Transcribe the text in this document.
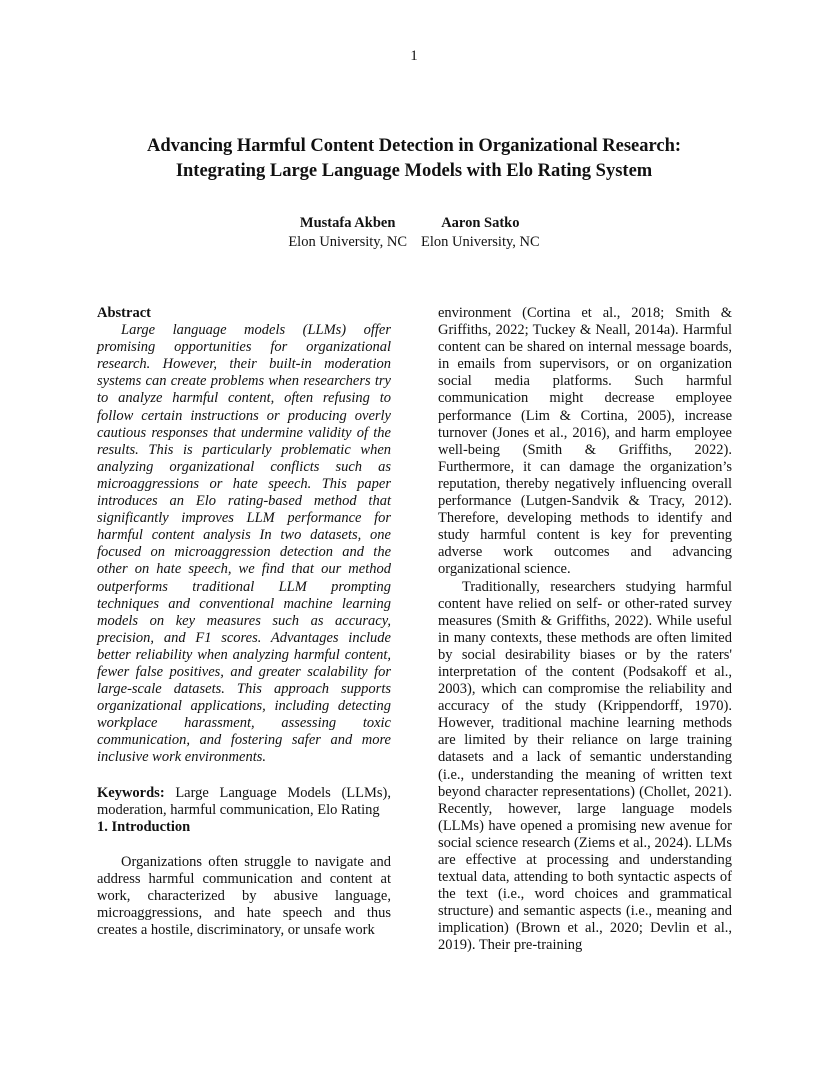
1
Advancing Harmful Content Detection in Organizational Research:
Integrating Large Language Models with Elo Rating System
Mustafa Akben
Elon University, NC
Aaron Satko
Elon University, NC

Abstract

Large language models (LLMs) offer promising opportunities for organizational research. However, their built-in moderation systems can create problems when researchers try to analyze harmful content, often refusing to follow certain instructions or producing overly cautious responses that undermine validity of the results. This is particularly problematic when analyzing organizational conflicts such as microaggressions or hate speech. This paper introduces an Elo rating-based method that significantly improves LLM performance for harmful content analysis In two datasets, one focused on microaggression detection and the other on hate speech, we find that our method outperforms traditional LLM prompting techniques and conventional machine learning models on key measures such as accuracy, precision, and F1 scores. Advantages include better reliability when analyzing harmful content, fewer false positives, and greater scalability for large-scale datasets. This approach supports organizational applications, including detecting workplace harassment, assessing toxic communication, and fostering safer and more inclusive work environments.

Keywords: Large Language Models (LLMs), moderation, harmful communication, Elo Rating

1. Introduction

Organizations often struggle to navigate and address harmful communication and content at work, characterized by abusive language, microaggressions, and hate speech and thus creates a hostile, discriminatory, or unsafe work

environment (Cortina et al., 2018; Smith & Griffiths, 2022; Tuckey & Neall, 2014a). Harmful content can be shared on internal message boards, in emails from supervisors, or on organization social media platforms. Such harmful communication might decrease employee performance (Lim & Cortina, 2005), increase turnover (Jones et al., 2016), and harm employee well-being (Smith & Griffiths, 2022). Furthermore, it can damage the organization’s reputation, thereby negatively influencing overall performance (Lutgen-Sandvik & Tracy, 2012). Therefore, developing methods to identify and study harmful content is key for preventing adverse work outcomes and advancing organizational science.

Traditionally, researchers studying harmful content have relied on self- or other-rated survey measures (Smith & Griffiths, 2022). While useful in many contexts, these methods are often limited by social desirability biases or by the raters' interpretation of the content (Podsakoff et al., 2003), which can compromise the reliability and accuracy of the study (Krippendorff, 1970). However, traditional machine learning methods are limited by their reliance on large training datasets and a lack of semantic understanding (i.e., understanding the meaning of written text beyond character representations) (Chollet, 2021). Recently, however, large language models (LLMs) have opened a promising new avenue for social science research (Ziems et al., 2024). LLMs are effective at processing and understanding textual data, attending to both syntactic aspects of the text (i.e., word choices and grammatical structure) and semantic aspects (i.e., meaning and implication) (Brown et al., 2020; Devlin et al., 2019). Their pre-training
